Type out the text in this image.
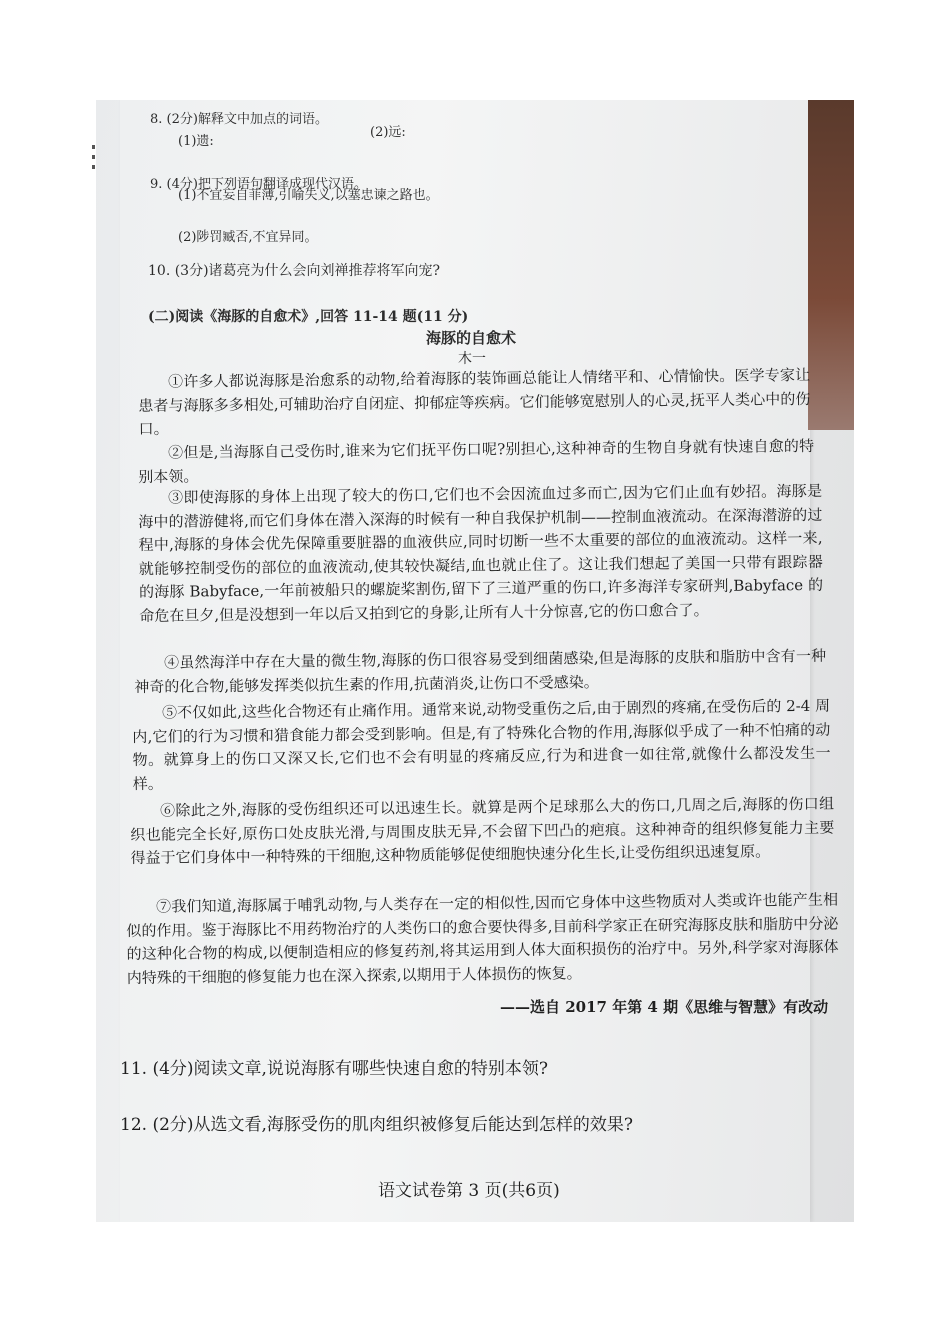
8. (2分)解释文中加点的词语。
(1)遗:
(2)远:
9. (4分)把下列语句翻译成现代汉语。
(1)不宜妄自菲薄,引喻失义,以塞忠谏之路也。
(2)陟罚臧否,不宜异同。
10. (3分)诸葛亮为什么会向刘禅推荐将军向宠?
(二)阅读《海豚的自愈术》,回答 11-14 题(11 分)
海豚的自愈术
木一
①许多人都说海豚是治愈系的动物,给着海豚的装饰画总能让人情绪平和、心情愉快。医学专家让患者与海豚多多相处,可辅助治疗自闭症、抑郁症等疾病。它们能够宽慰别人的心灵,抚平人类心中的伤口。
②但是,当海豚自己受伤时,谁来为它们抚平伤口呢?别担心,这种神奇的生物自身就有快速自愈的特别本领。
③即使海豚的身体上出现了较大的伤口,它们也不会因流血过多而亡,因为它们止血有妙招。海豚是海中的潜游健将,而它们身体在潜入深海的时候有一种自我保护机制——控制血液流动。在深海潜游的过程中,海豚的身体会优先保障重要脏器的血液供应,同时切断一些不太重要的部位的血液流动。这样一来,就能够控制受伤的部位的血液流动,使其较快凝结,血也就止住了。这让我们想起了美国一只带有跟踪器的海豚 Babyface,一年前被船只的螺旋桨割伤,留下了三道严重的伤口,许多海洋专家研判,Babyface 的命危在旦夕,但是没想到一年以后又拍到它的身影,让所有人十分惊喜,它的伤口愈合了。
④虽然海洋中存在大量的微生物,海豚的伤口很容易受到细菌感染,但是海豚的皮肤和脂肪中含有一种神奇的化合物,能够发挥类似抗生素的作用,抗菌消炎,让伤口不受感染。
⑤不仅如此,这些化合物还有止痛作用。通常来说,动物受重伤之后,由于剧烈的疼痛,在受伤后的 2-4 周内,它们的行为习惯和猎食能力都会受到影响。但是,有了特殊化合物的作用,海豚似乎成了一种不怕痛的动物。就算身上的伤口又深又长,它们也不会有明显的疼痛反应,行为和进食一如往常,就像什么都没发生一样。
⑥除此之外,海豚的受伤组织还可以迅速生长。就算是两个足球那么大的伤口,几周之后,海豚的伤口组织也能完全长好,原伤口处皮肤光滑,与周围皮肤无异,不会留下凹凸的疤痕。这种神奇的组织修复能力主要得益于它们身体中一种特殊的干细胞,这种物质能够促使细胞快速分化生长,让受伤组织迅速复原。
⑦我们知道,海豚属于哺乳动物,与人类存在一定的相似性,因而它身体中这些物质对人类或许也能产生相似的作用。鉴于海豚比不用药物治疗的人类伤口的愈合要快得多,目前科学家正在研究海豚皮肤和脂肪中分泌的这种化合物的构成,以便制造相应的修复药剂,将其运用到人体大面积损伤的治疗中。另外,科学家对海豚体内特殊的干细胞的修复能力也在深入探索,以期用于人体损伤的恢复。
——选自 2017 年第 4 期《思维与智慧》有改动
11. (4分)阅读文章,说说海豚有哪些快速自愈的特别本领?
12. (2分)从选文看,海豚受伤的肌肉组织被修复后能达到怎样的效果?
语文试卷第 3 页(共6页)
